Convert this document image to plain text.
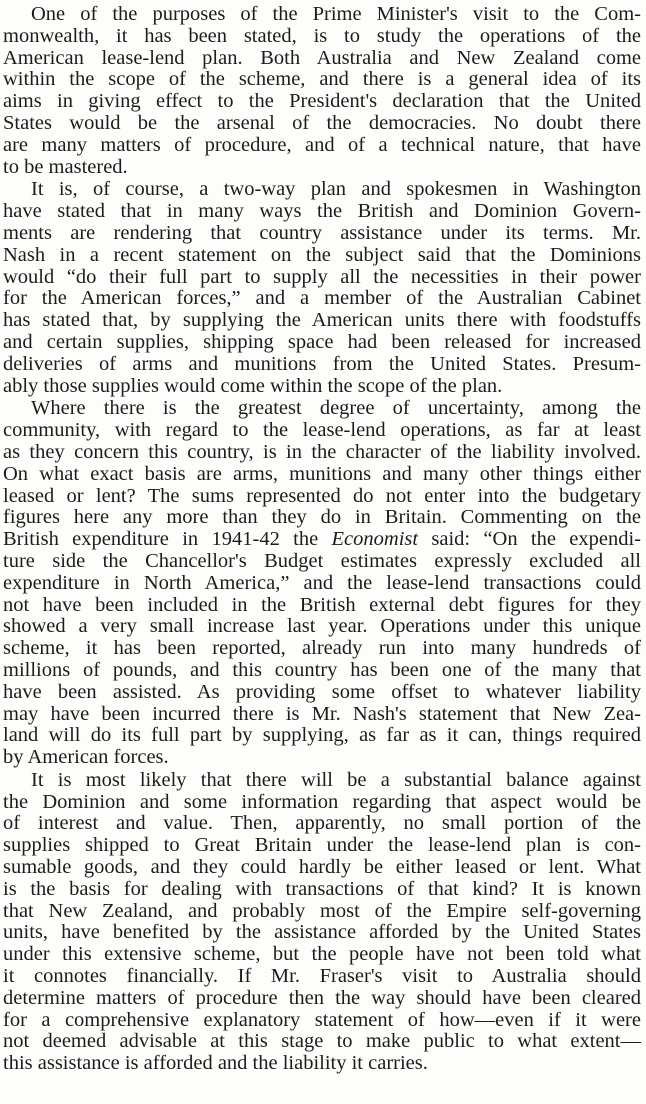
One of the purposes of the Prime Minister's visit to the Com-
monwealth, it has been stated, is to study the operations of the
American lease-lend plan. Both Australia and New Zealand come
within the scope of the scheme, and there is a general idea of its
aims in giving effect to the President's declaration that the United
States would be the arsenal of the democracies. No doubt there
are many matters of procedure, and of a technical nature, that have
to be mastered.
It is, of course, a two-way plan and spokesmen in Washington
have stated that in many ways the British and Dominion Govern-
ments are rendering that country assistance under its terms. Mr.
Nash in a recent statement on the subject said that the Dominions
would “do their full part to supply all the necessities in their power
for the American forces,” and a member of the Australian Cabinet
has stated that, by supplying the American units there with foodstuffs
and certain supplies, shipping space had been released for increased
deliveries of arms and munitions from the United States. Presum-
ably those supplies would come within the scope of the plan.
Where there is the greatest degree of uncertainty, among the
community, with regard to the lease-lend operations, as far at least
as they concern this country, is in the character of the liability involved.
On what exact basis are arms, munitions and many other things either
leased or lent? The sums represented do not enter into the budgetary
figures here any more than they do in Britain. Commenting on the
British expenditure in 1941-42 the Economist said: “On the expendi-
ture side the Chancellor's Budget estimates expressly excluded all
expenditure in North America,” and the lease-lend transactions could
not have been included in the British external debt figures for they
showed a very small increase last year. Operations under this unique
scheme, it has been reported, already run into many hundreds of
millions of pounds, and this country has been one of the many that
have been assisted. As providing some offset to whatever liability
may have been incurred there is Mr. Nash's statement that New Zea-
land will do its full part by supplying, as far as it can, things required
by American forces.
It is most likely that there will be a substantial balance against
the Dominion and some information regarding that aspect would be
of interest and value. Then, apparently, no small portion of the
supplies shipped to Great Britain under the lease-lend plan is con-
sumable goods, and they could hardly be either leased or lent. What
is the basis for dealing with transactions of that kind? It is known
that New Zealand, and probably most of the Empire self-governing
units, have benefited by the assistance afforded by the United States
under this extensive scheme, but the people have not been told what
it connotes financially. If Mr. Fraser's visit to Australia should
determine matters of procedure then the way should have been cleared
for a comprehensive explanatory statement of how—even if it were
not deemed advisable at this stage to make public to what extent—
this assistance is afforded and the liability it carries.
